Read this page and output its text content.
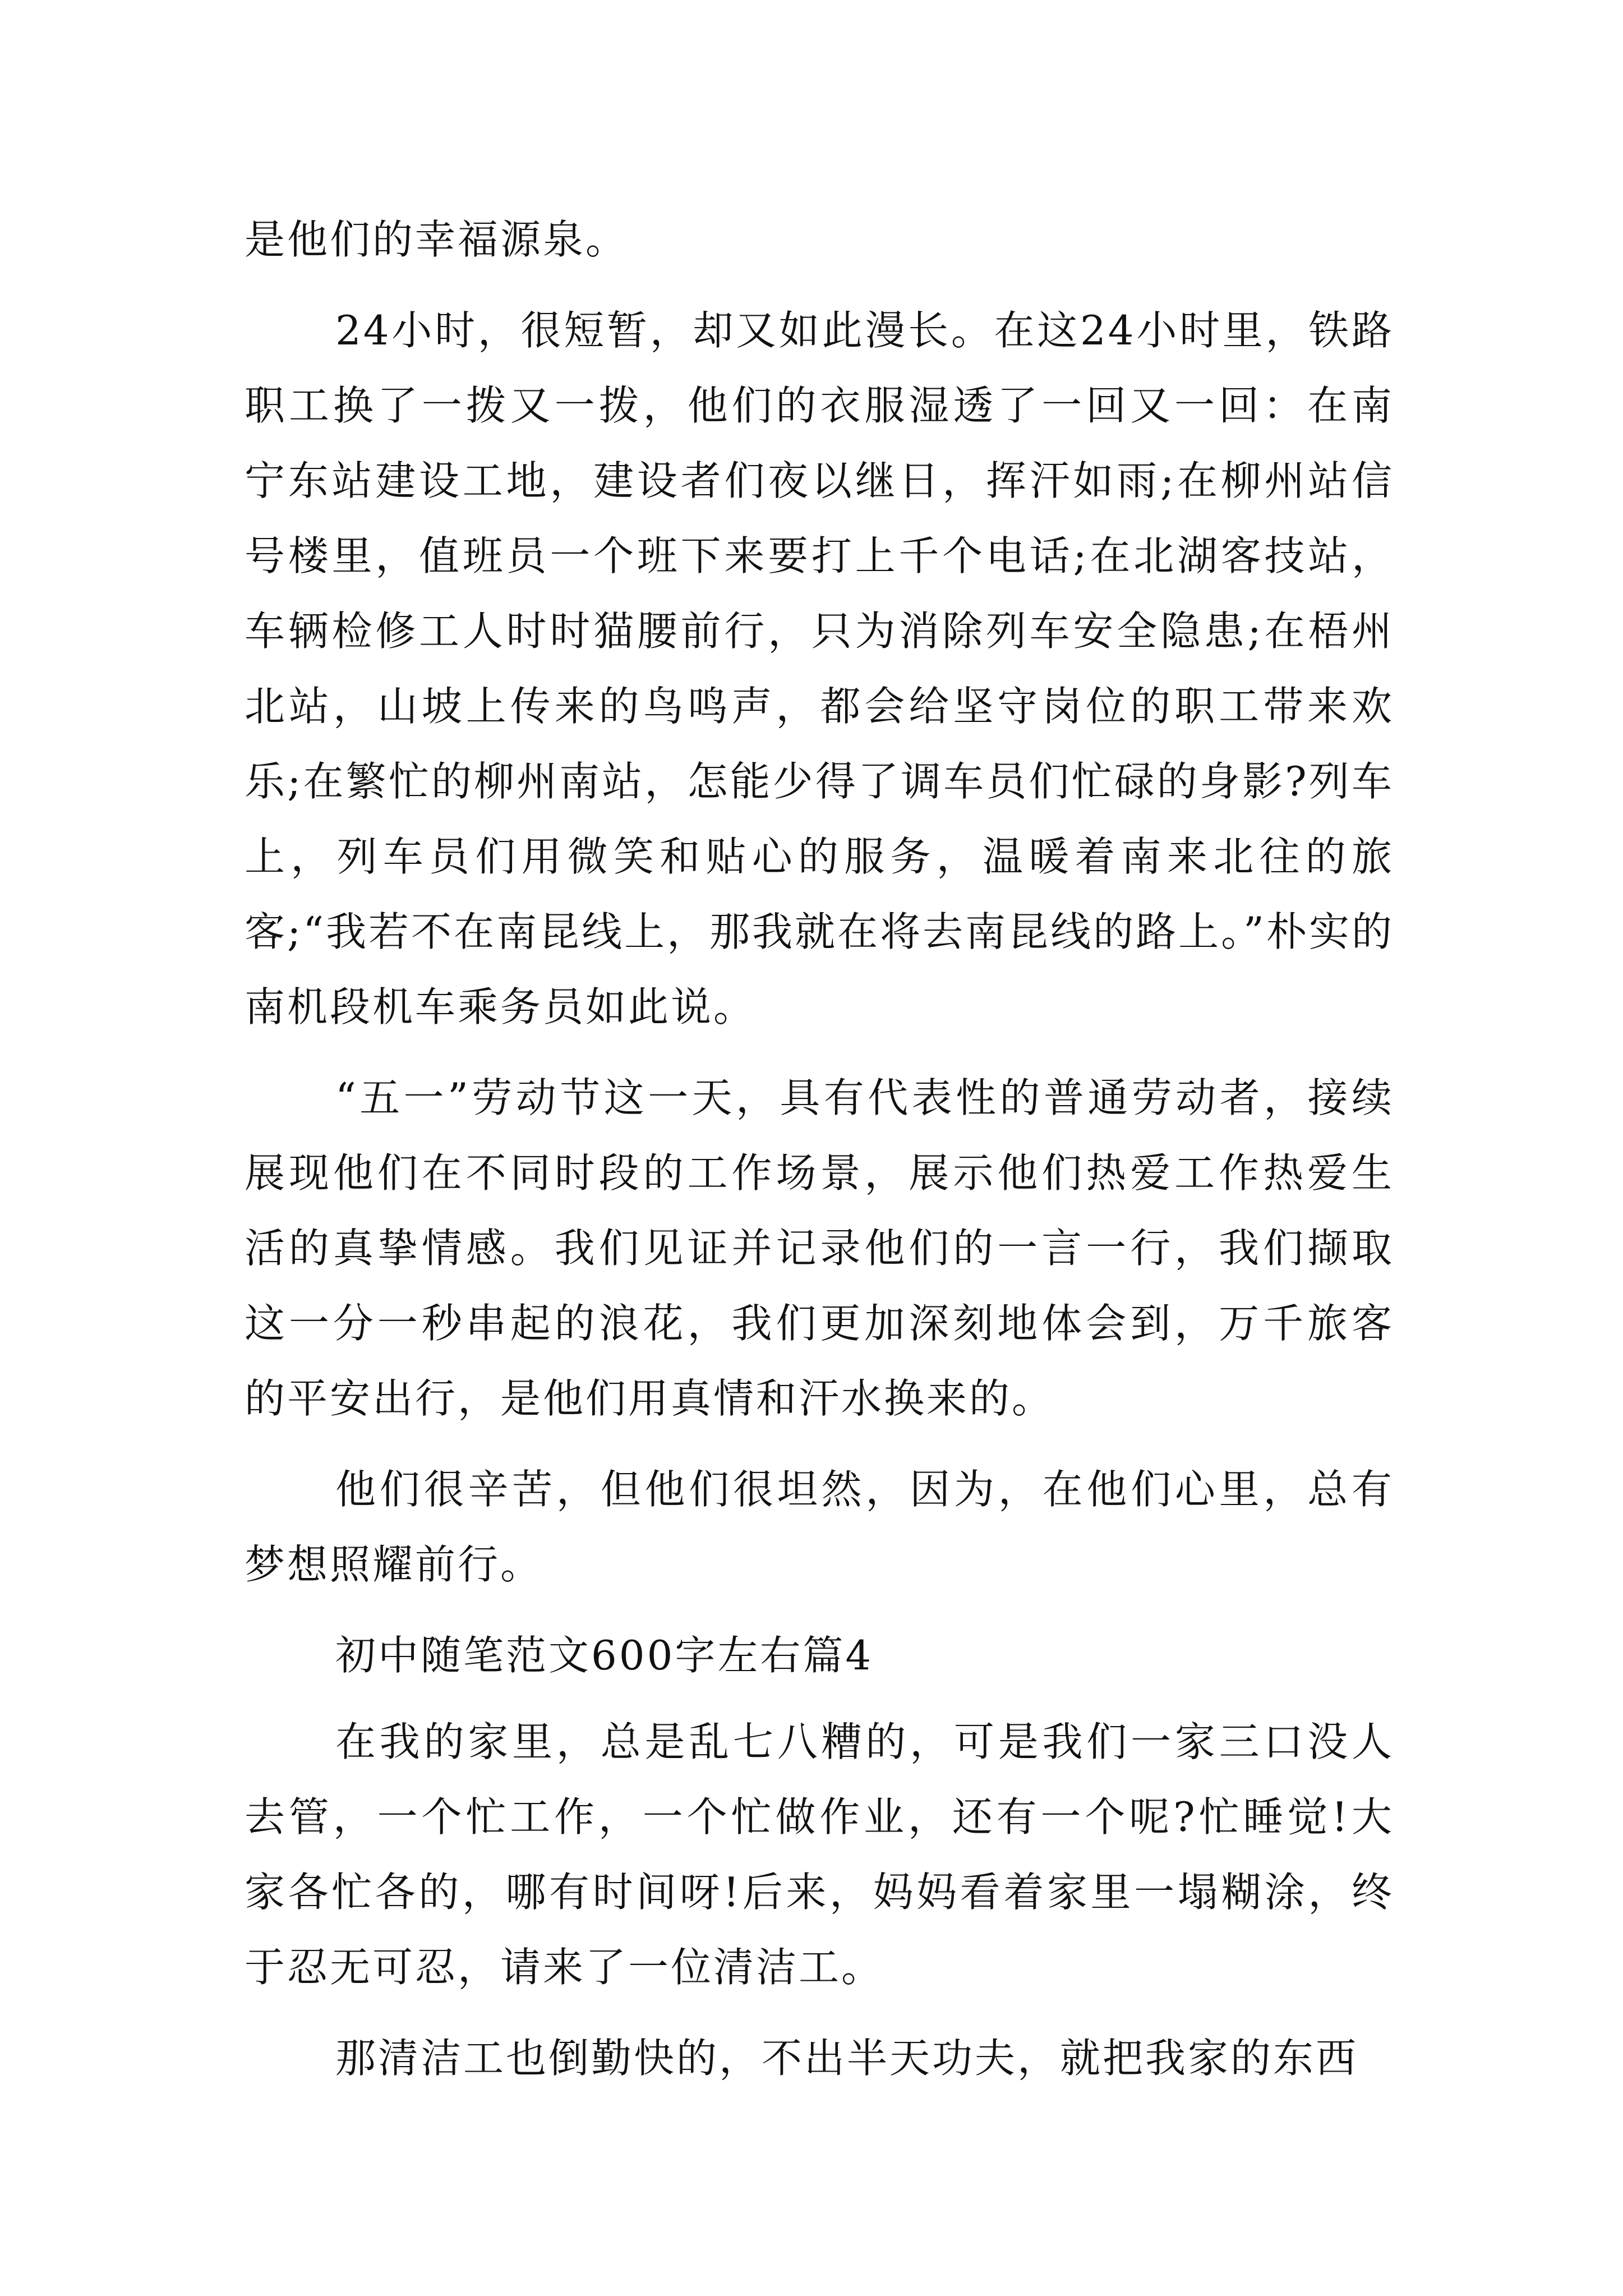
是他们的幸福源泉。

24小时，很短暂，却又如此漫长。在这24小时里，铁路职工换了一拨又一拨，他们的衣服湿透了一回又一回：在南宁东站建设工地，建设者们夜以继日，挥汗如雨;在柳州站信号楼里，值班员一个班下来要打上千个电话;在北湖客技站，车辆检修工人时时猫腰前行，只为消除列车安全隐患;在梧州北站，山坡上传来的鸟鸣声，都会给坚守岗位的职工带来欢乐;在繁忙的柳州南站，怎能少得了调车员们忙碌的身影?列车上，列车员们用微笑和贴心的服务，温暖着南来北往的旅客;“我若不在南昆线上，那我就在将去南昆线的路上。”朴实的南机段机车乘务员如此说。

“五一”劳动节这一天，具有代表性的普通劳动者，接续展现他们在不同时段的工作场景，展示他们热爱工作热爱生活的真挚情感。我们见证并记录他们的一言一行，我们撷取这一分一秒串起的浪花，我们更加深刻地体会到，万千旅客的平安出行，是他们用真情和汗水换来的。

他们很辛苦，但他们很坦然，因为，在他们心里，总有梦想照耀前行。

初中随笔范文600字左右篇4

在我的家里，总是乱七八糟的，可是我们一家三口没人去管，一个忙工作，一个忙做作业，还有一个呢?忙睡觉!大家各忙各的，哪有时间呀!后来，妈妈看着家里一塌糊涂，终于忍无可忍，请来了一位清洁工。

那清洁工也倒勤快的，不出半天功夫，就把我家的东西
